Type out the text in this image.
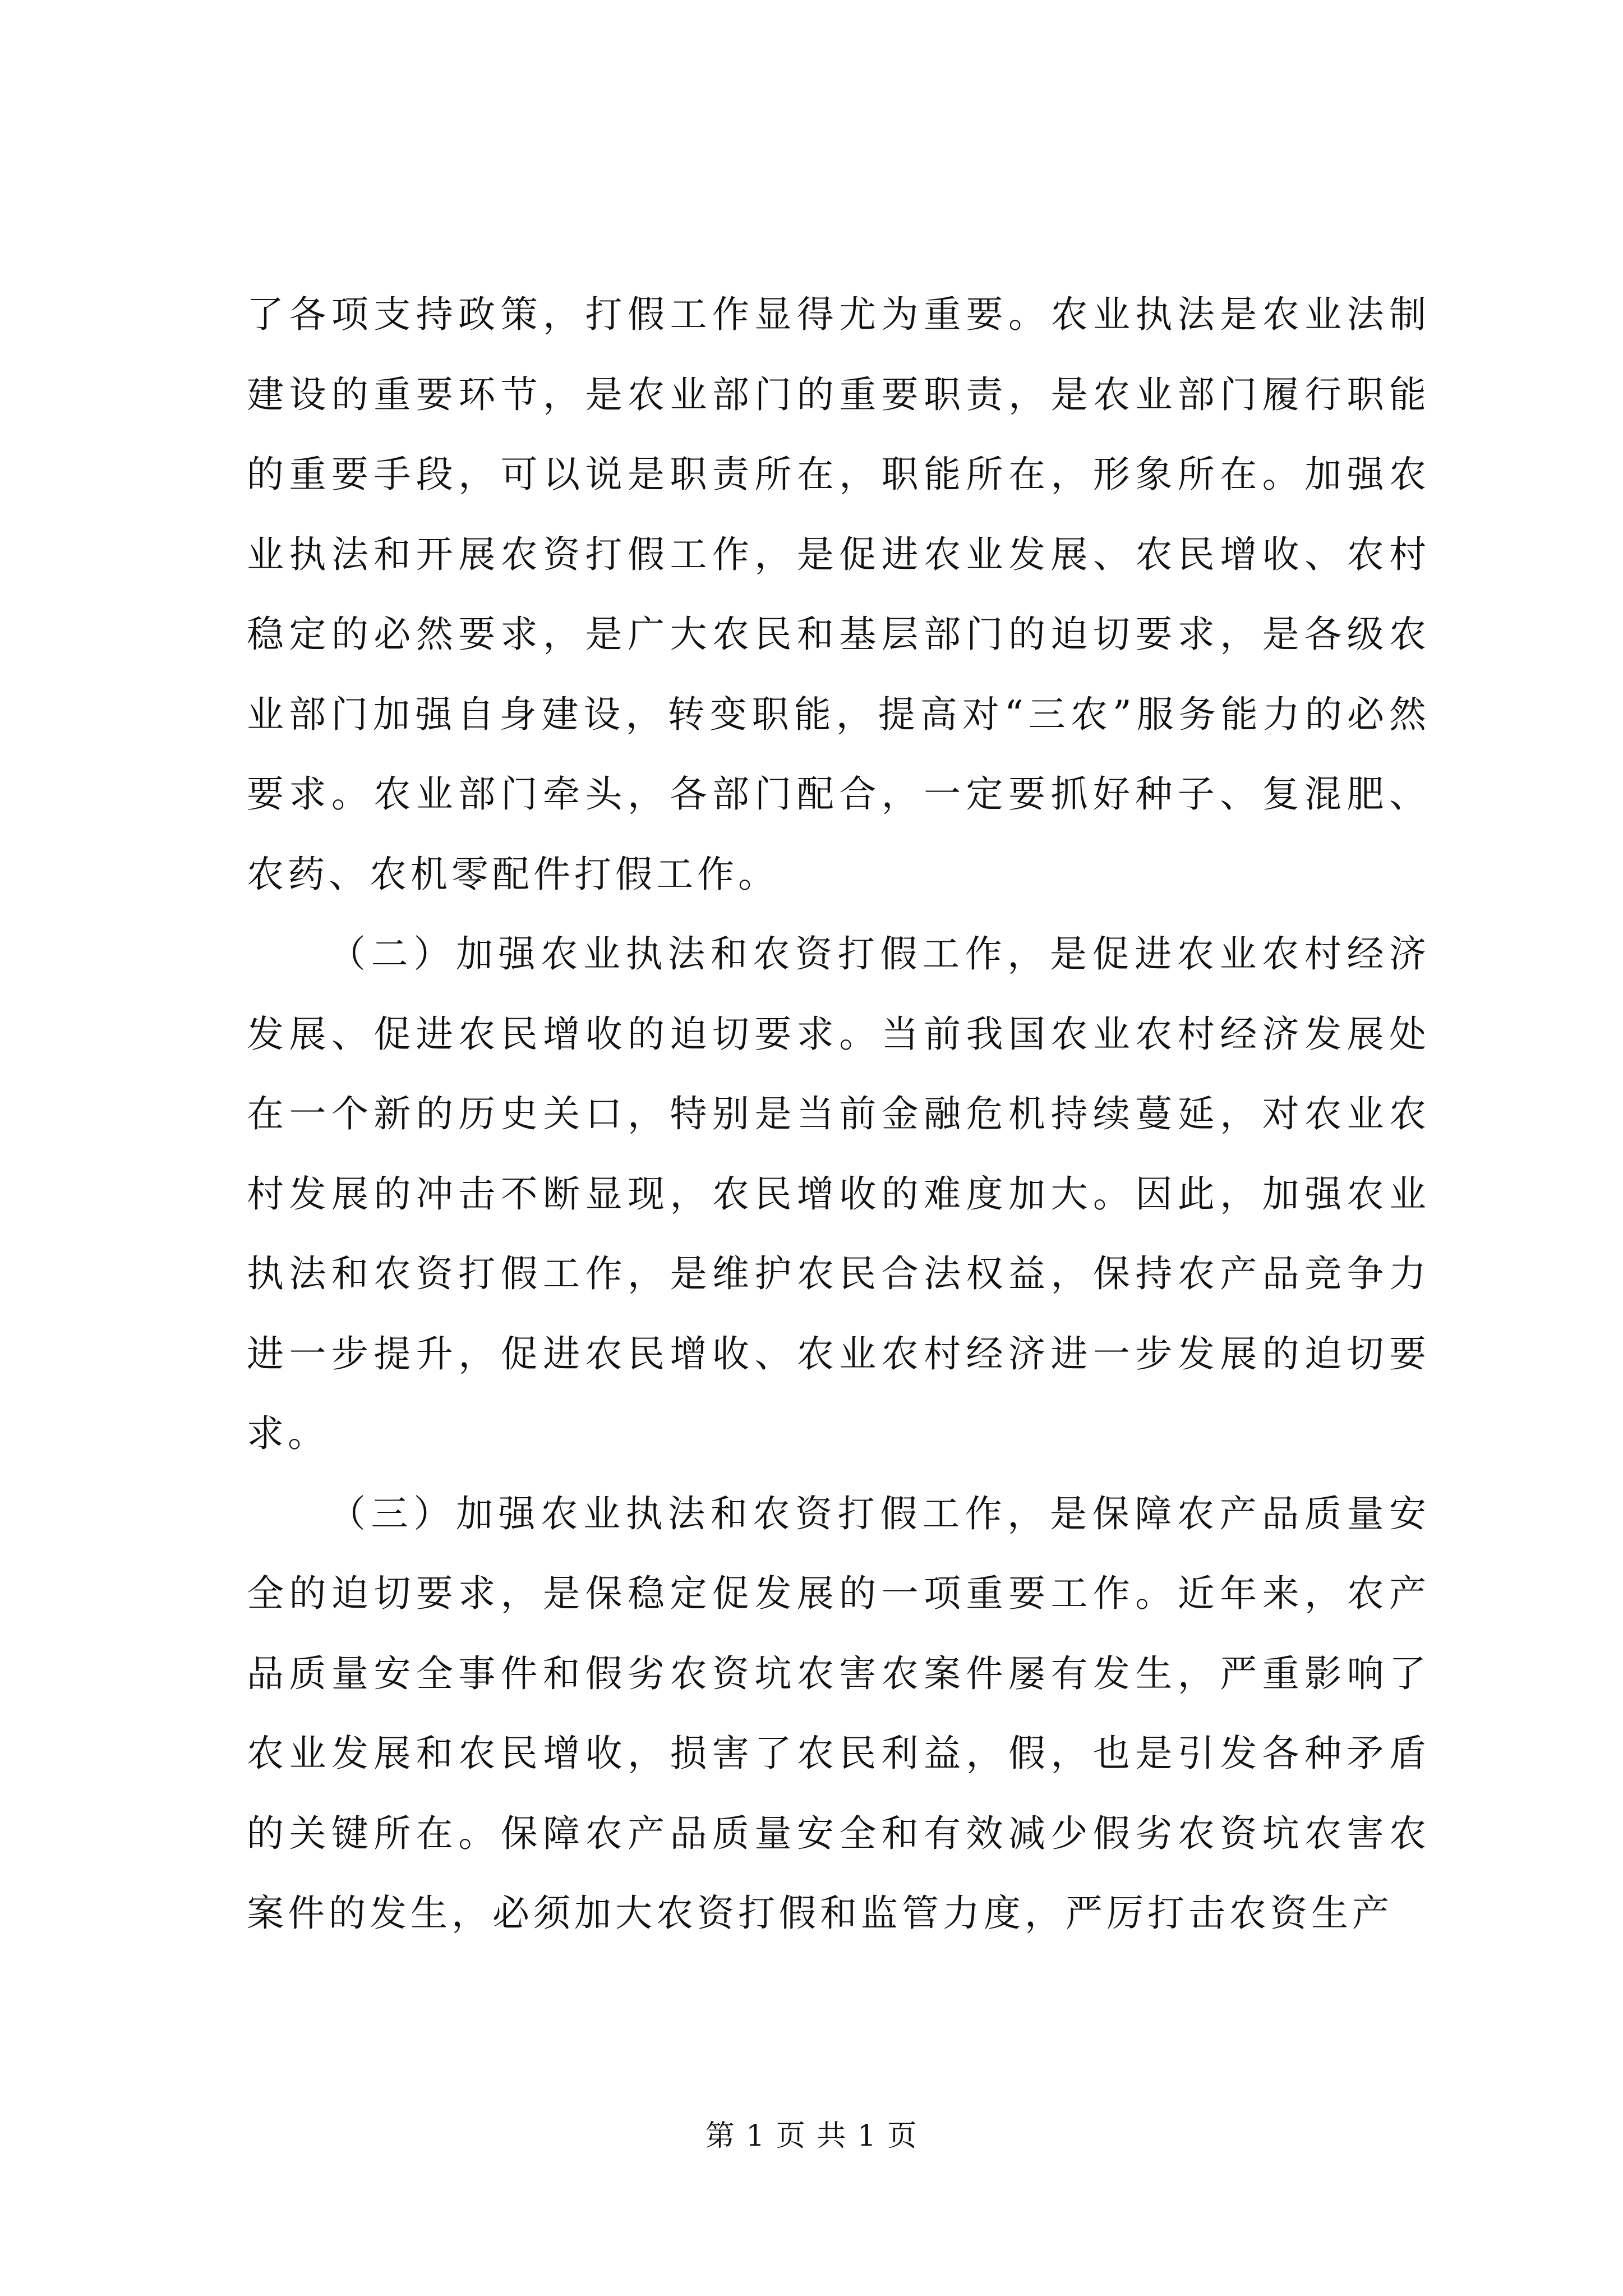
了各项支持政策，打假工作显得尤为重要。农业执法是农业法制建设的重要环节，是农业部门的重要职责，是农业部门履行职能的重要手段，可以说是职责所在，职能所在，形象所在。加强农业执法和开展农资打假工作，是促进农业发展、农民增收、农村稳定的必然要求，是广大农民和基层部门的迫切要求，是各级农业部门加强自身建设，转变职能，提高对“三农”服务能力的必然要求。农业部门牵头，各部门配合，一定要抓好种子、复混肥、农药、农机零配件打假工作。

（二）加强农业执法和农资打假工作，是促进农业农村经济发展、促进农民增收的迫切要求。当前我国农业农村经济发展处在一个新的历史关口，特别是当前金融危机持续蔓延，对农业农村发展的冲击不断显现，农民增收的难度加大。因此，加强农业执法和农资打假工作，是维护农民合法权益，保持农产品竞争力进一步提升，促进农民增收、农业农村经济进一步发展的迫切要求。

（三）加强农业执法和农资打假工作，是保障农产品质量安全的迫切要求，是保稳定促发展的一项重要工作。近年来，农产品质量安全事件和假劣农资坑农害农案件屡有发生，严重影响了农业发展和农民增收，损害了农民利益，假，也是引发各种矛盾的关键所在。保障农产品质量安全和有效减少假劣农资坑农害农案件的发生，必须加大农资打假和监管力度，严厉打击农资生产

第 1 页 共 1 页
